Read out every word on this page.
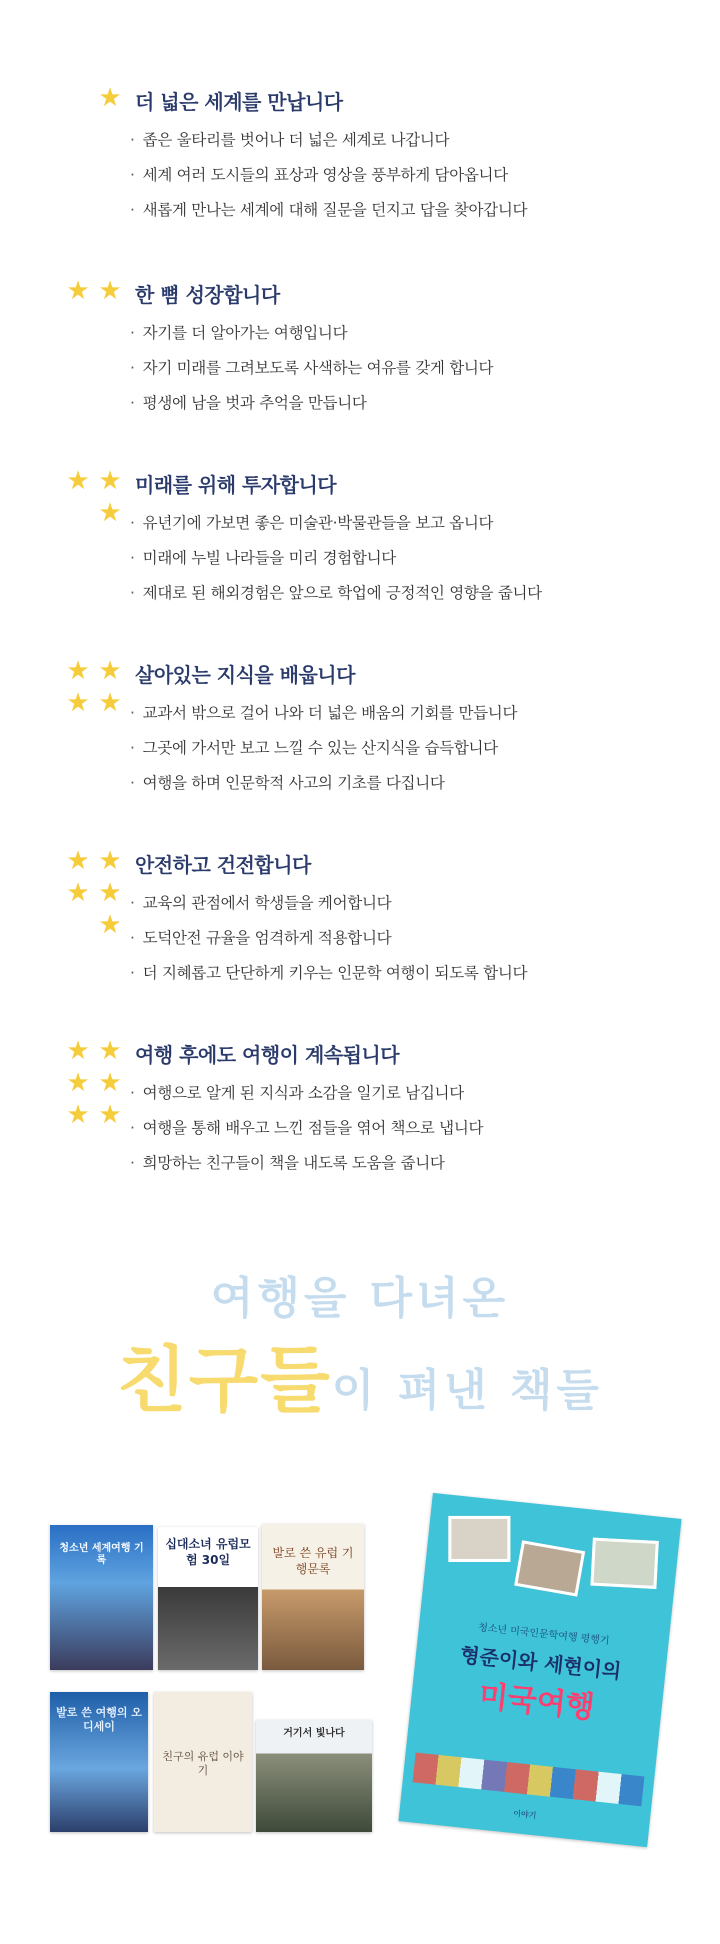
★ 더 넓은 세계를 만납니다
· 좁은 울타리를 벗어나 더 넓은 세계로 나갑니다
· 세계 여러 도시들의 표상과 영상을 풍부하게 담아옵니다
· 새롭게 만나는 세계에 대해 질문을 던지고 답을 찾아갑니다
★ ★ 한 뼘 성장합니다
· 자기를 더 알아가는 여행입니다
· 자기 미래를 그려보도록 사색하는 여유를 갖게 합니다
· 평생에 남을 벗과 추억을 만듭니다
★ ★
★
미래를 위해 투자합니다
· 유년기에 가보면 좋은 미술관·박물관들을 보고 옵니다
· 미래에 누빌 나라들을 미리 경험합니다
· 제대로 된 해외경험은 앞으로 학업에 긍정적인 영향을 줍니다
★ ★
★ ★
살아있는 지식을 배웁니다
· 교과서 밖으로 걸어 나와 더 넓은 배움의 기회를 만듭니다
· 그곳에 가서만 보고 느낄 수 있는 산지식을 습득합니다
· 여행을 하며 인문학적 사고의 기초를 다집니다
★ ★
★ ★
★
안전하고 건전합니다
· 교육의 관점에서 학생들을 케어합니다
· 도덕안전 규율을 엄격하게 적용합니다
· 더 지혜롭고 단단하게 키우는 인문학 여행이 되도록 합니다
★ ★
★ ★
★ ★
여행 후에도 여행이 계속됩니다
· 여행으로 알게 된 지식과 소감을 일기로 남깁니다
· 여행을 통해 배우고 느낀 점들을 엮어 책으로 냅니다
· 희망하는 친구들이 책을 내도록 도움을 줍니다
여행을 다녀온
친구들이 펴낸 책들
청소년 세계여행 기록
십대소녀 유럽모험 30일	발로 쓴 유럽 기행문록
발로 쓴 여행의 오디세이
친구의 유럽 이야기
거기서 빛나다
청소년 미국인문학여행 평행기
형준이와 세현이의
미국여행
이야기
